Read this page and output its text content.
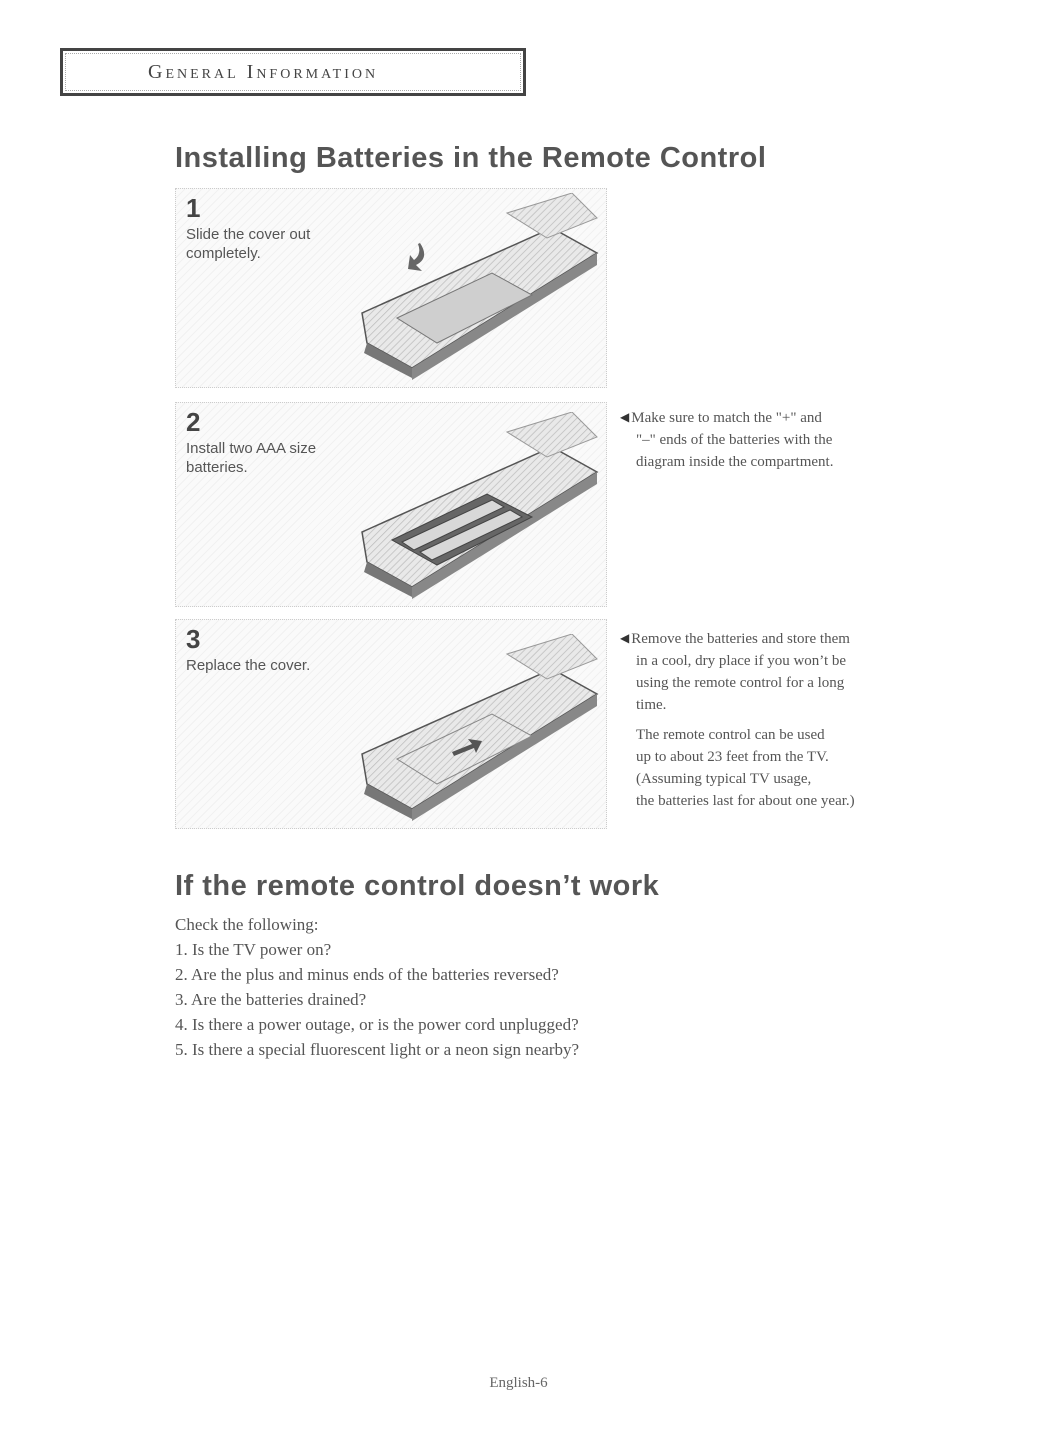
General Information
Installing Batteries in the Remote Control
1
Slide the cover out completely.
2
Install two AAA size batteries.
3
Replace the cover.

◀ Make sure to match the "+" and

"–" ends of the batteries with the

diagram inside the compartment.

◀ Remove the batteries and store them

in a cool, dry place if you won’t be

using the remote control for a long

time.

The remote control can be used

up to about 23 feet from the TV.

(Assuming typical TV usage,

the batteries last for about one year.)

If the remote control doesn’t work
Check the following:
1. Is the TV power on?
2. Are the plus and minus ends of the batteries reversed?
3. Are the batteries drained?
4. Is there a power outage, or is the power cord unplugged?
5. Is there a special fluorescent light or a neon sign nearby?
English-6
